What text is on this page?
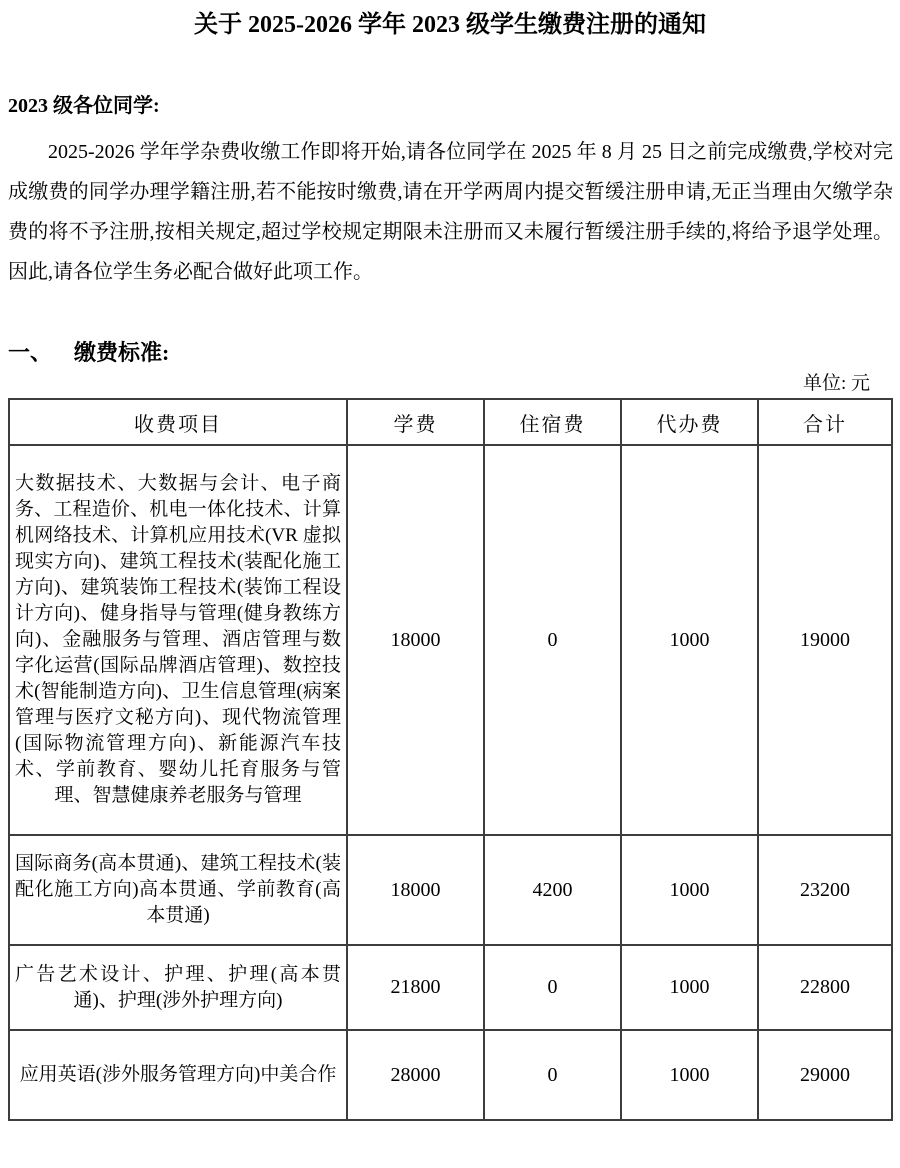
关于 2025-2026 学年 2023 级学生缴费注册的通知

2023 级各位同学:

2025-2026 学年学杂费收缴工作即将开始,请各位同学在 2025 年 8 月 25 日之前完成缴费,学校对完成缴费的同学办理学籍注册,若不能按时缴费,请在开学两周内提交暂缓注册申请,无正当理由欠缴学杂费的将不予注册,按相关规定,超过学校规定期限未注册而又未履行暂缓注册手续的,将给予退学处理。因此,请各位学生务必配合做好此项工作。

一、 缴费标准:
单位: 元
收费项目	学费	住宿费	代办费	合计
大数据技术、大数据与会计、电子商务、工程造价、机电一体化技术、计算机网络技术、计算机应用技术(VR 虚拟现实方向)、建筑工程技术(装配化施工方向)、建筑装饰工程技术(装饰工程设计方向)、健身指导与管理(健身教练方向)、金融服务与管理、酒店管理与数字化运营(国际品牌酒店管理)、数控技术(智能制造方向)、卫生信息管理(病案管理与医疗文秘方向)、现代物流管理(国际物流管理方向)、新能源汽车技术、学前教育、婴幼儿托育服务与管理、智慧健康养老服务与管理	18000	0	1000	19000
国际商务(高本贯通)、建筑工程技术(装配化施工方向)高本贯通、学前教育(高本贯通)	18000	4200	1000	23200
广告艺术设计、护理、护理(高本贯通)、护理(涉外护理方向)	21800	0	1000	22800
应用英语(涉外服务管理方向)中美合作	28000	0	1000	29000
